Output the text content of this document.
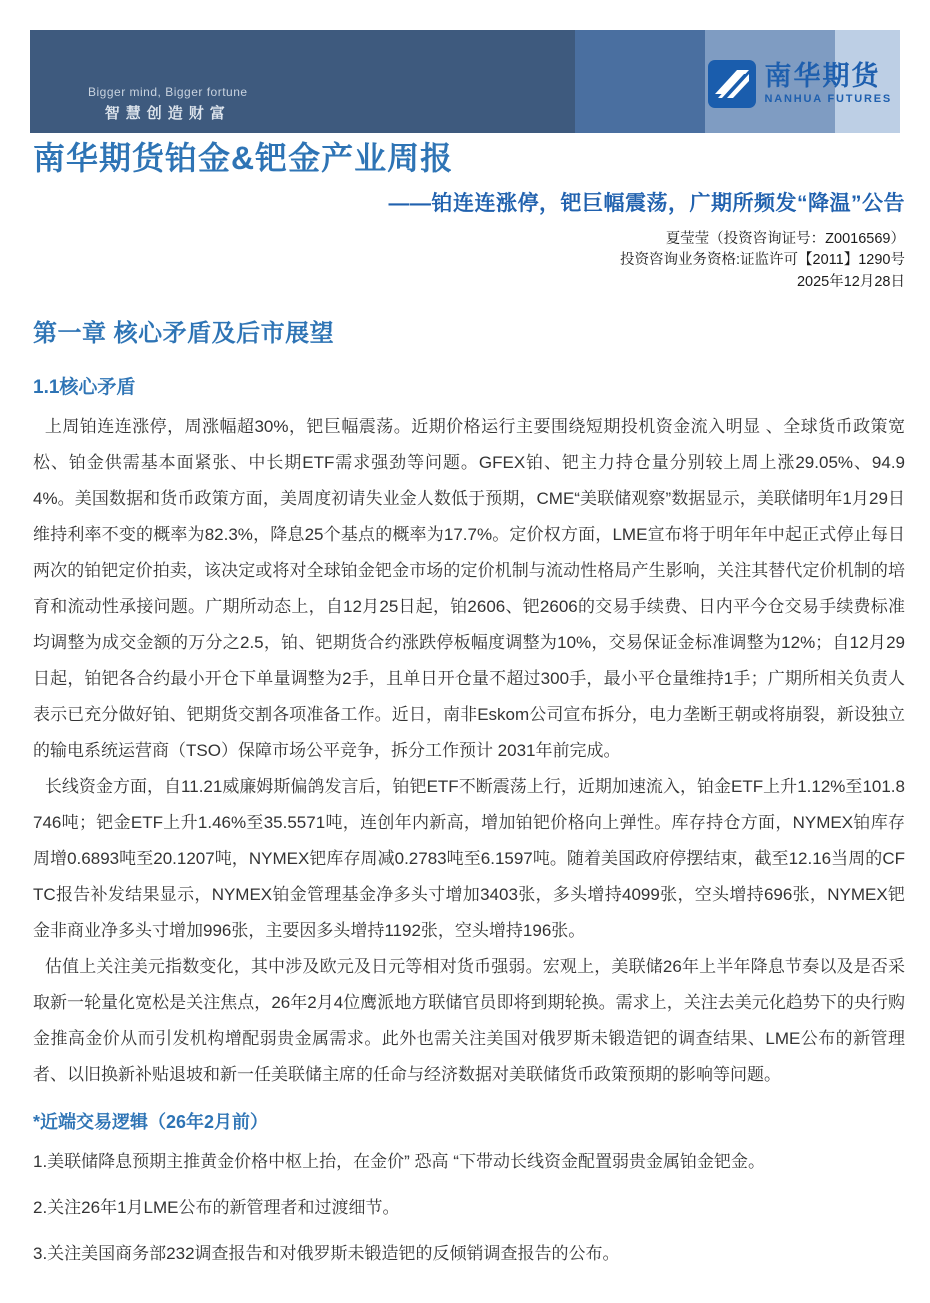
Bigger mind, Bigger fortune
智慧创造财富
南华期货
NANHUA FUTURES
南华期货铂金&钯金产业周报
——铂连连涨停，钯巨幅震荡，广期所频发“降温”公告
夏莹莹（投资咨询证号：Z0016569）
投资咨询业务资格:证监许可【2011】1290号
2025年12月28日
第一章 核心矛盾及后市展望
1.1核心矛盾

上周铂连连涨停，周涨幅超30%，钯巨幅震荡。近期价格运行主要围绕短期投机资金流入明显 、全球货币政策宽松、铂金供需基本面紧张、中长期ETF需求强劲等问题。GFEX铂、钯主力持仓量分别较上周上涨29.05%、94.94%。美国数据和货币政策方面，美周度初请失业金人数低于预期，CME“美联储观察”数据显示，美联储明年1月29日维持利率不变的概率为82.3%，降息25个基点的概率为17.7%。定价权方面，LME宣布将于明年年中起正式停止每日两次的铂钯定价拍卖，该决定或将对全球铂金钯金市场的定价机制与流动性格局产生影响，关注其替代定价机制的培育和流动性承接问题。广期所动态上，自12月25日起，铂2606、钯2606的交易手续费、日内平今仓交易手续费标准均调整为成交金额的万分之2.5，铂、钯期货合约涨跌停板幅度调整为10%，交易保证金标准调整为12%；自12月29日起，铂钯各合约最小开仓下单量调整为2手，且单日开仓量不超过300手，最小平仓量维持1手；广期所相关负责人表示已充分做好铂、钯期货交割各项准备工作。近日，南非Eskom公司宣布拆分，电力垄断王朝或将崩裂，新设独立的输电系统运营商（TSO）保障市场公平竞争，拆分工作预计 2031年前完成。

长线资金方面，自11.21威廉姆斯偏鸽发言后，铂钯ETF不断震荡上行，近期加速流入，铂金ETF上升1.12%至101.8746吨；钯金ETF上升1.46%至35.5571吨，连创年内新高，增加铂钯价格向上弹性。库存持仓方面，NYMEX铂库存周增0.6893吨至20.1207吨，NYMEX钯库存周减0.2783吨至6.1597吨。随着美国政府停摆结束，截至12.16当周的CFTC报告补发结果显示，NYMEX铂金管理基金净多头寸增加3403张，多头增持4099张，空头增持696张，NYMEX钯金非商业净多头寸增加996张，主要因多头增持1192张，空头增持196张。

估值上关注美元指数变化，其中涉及欧元及日元等相对货币强弱。宏观上，美联储26年上半年降息节奏以及是否采取新一轮量化宽松是关注焦点，26年2月4位鹰派地方联储官员即将到期轮换。需求上，关注去美元化趋势下的央行购金推高金价从而引发机构增配弱贵金属需求。此外也需关注美国对俄罗斯未锻造钯的调查结果、LME公布的新管理者、以旧换新补贴退坡和新一任美联储主席的任命与经济数据对美联储货币政策预期的影响等问题。

*近端交易逻辑（26年2月前）
1.美联储降息预期主推黄金价格中枢上抬，在金价” 恐高 “下带动长线资金配置弱贵金属铂金钯金。
2.关注26年1月LME公布的新管理者和过渡细节。
3.关注美国商务部232调查报告和对俄罗斯未锻造钯的反倾销调查报告的公布。
